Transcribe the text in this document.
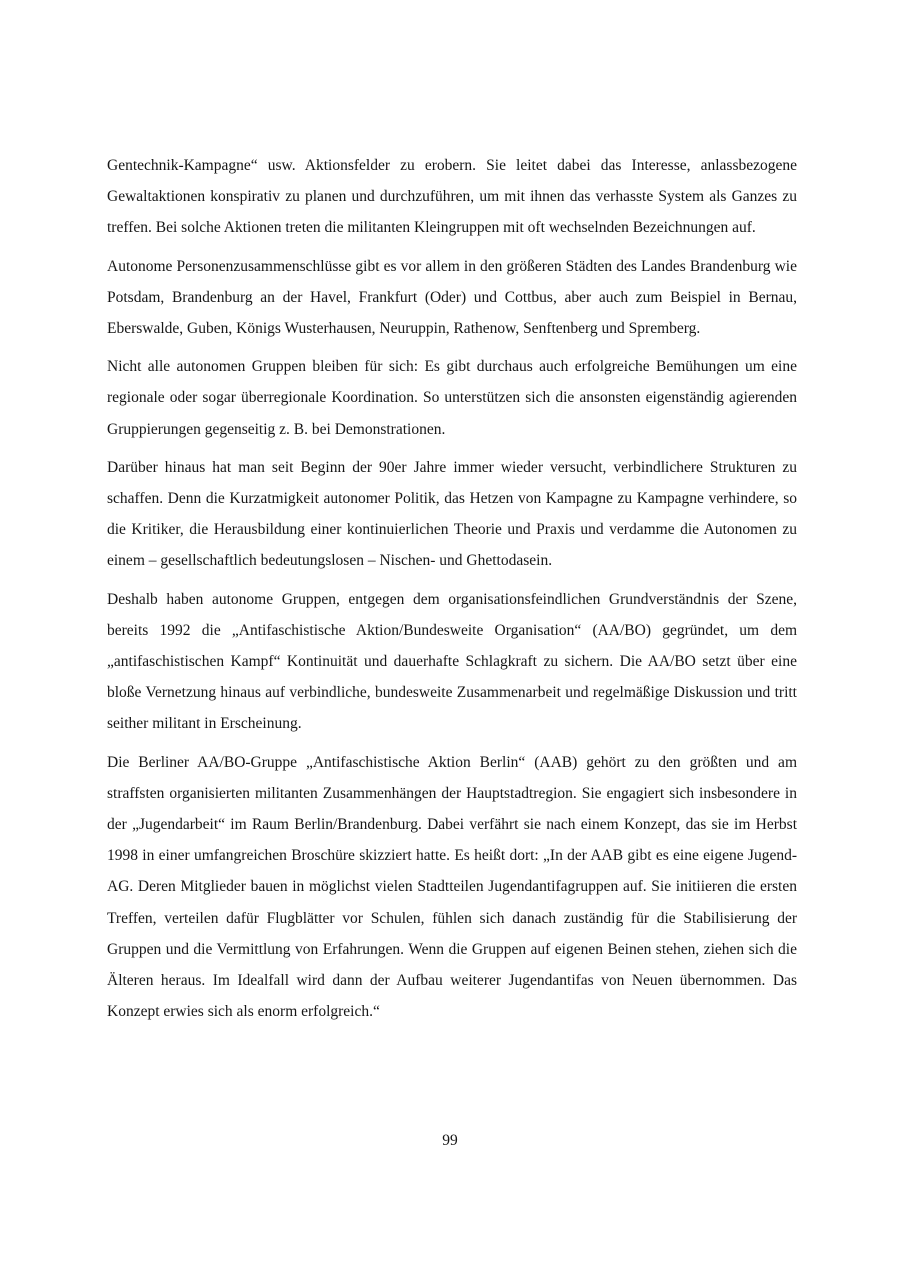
Gentechnik-Kampagne“ usw. Aktionsfelder zu erobern. Sie leitet dabei das Interesse, anlassbezogene Gewaltaktionen konspirativ zu planen und durchzuführen, um mit ihnen das verhasste System als Ganzes zu treffen. Bei solche Aktionen treten die militanten Kleingruppen mit oft wechselnden Bezeichnungen auf.

Autonome Personenzusammenschlüsse gibt es vor allem in den größeren Städten des Landes Brandenburg wie Potsdam, Brandenburg an der Havel, Frankfurt (Oder) und Cottbus, aber auch zum Beispiel in Bernau, Eberswalde, Guben, Königs Wusterhausen, Neuruppin, Rathenow, Senftenberg und Spremberg.

Nicht alle autonomen Gruppen bleiben für sich: Es gibt durchaus auch erfolgreiche Bemühungen um eine regionale oder sogar überregionale Koordination. So unterstützen sich die ansonsten eigenständig agierenden Gruppierungen gegenseitig z. B. bei Demonstrationen.

Darüber hinaus hat man seit Beginn der 90er Jahre immer wieder versucht, verbindlichere Strukturen zu schaffen. Denn die Kurzatmigkeit autonomer Politik, das Hetzen von Kampagne zu Kampagne verhindere, so die Kritiker, die Herausbildung einer kontinuierlichen Theorie und Praxis und verdamme die Autonomen zu einem – gesellschaftlich bedeutungslosen – Nischen- und Ghettodasein.

Deshalb haben autonome Gruppen, entgegen dem organisationsfeindlichen Grundverständnis der Szene, bereits 1992 die „Antifaschistische Aktion/Bundesweite Organisation“ (AA/BO) gegründet, um dem „antifaschistischen Kampf“ Kontinuität und dauerhafte Schlagkraft zu sichern. Die AA/BO setzt über eine bloße Vernetzung hinaus auf verbindliche, bundesweite Zusammenarbeit und regelmäßige Diskussion und tritt seither militant in Erscheinung.

Die Berliner AA/BO-Gruppe „Antifaschistische Aktion Berlin“ (AAB) gehört zu den größten und am straffsten organisierten militanten Zusammenhängen der Hauptstadtregion. Sie engagiert sich insbesondere in der „Jugendarbeit“ im Raum Berlin/Brandenburg. Dabei verfährt sie nach einem Konzept, das sie im Herbst 1998 in einer umfangreichen Broschüre skizziert hatte. Es heißt dort: „In der AAB gibt es eine eigene Jugend-AG. Deren Mitglieder bauen in möglichst vielen Stadtteilen Jugendantifagruppen auf. Sie initiieren die ersten Treffen, verteilen dafür Flugblätter vor Schulen, fühlen sich danach zuständig für die Stabilisierung der Gruppen und die Vermittlung von Erfahrungen. Wenn die Gruppen auf eigenen Beinen stehen, ziehen sich die Älteren heraus. Im Idealfall wird dann der Aufbau weiterer Jugendantifas von Neuen übernommen. Das Konzept erwies sich als enorm erfolgreich.“

99
